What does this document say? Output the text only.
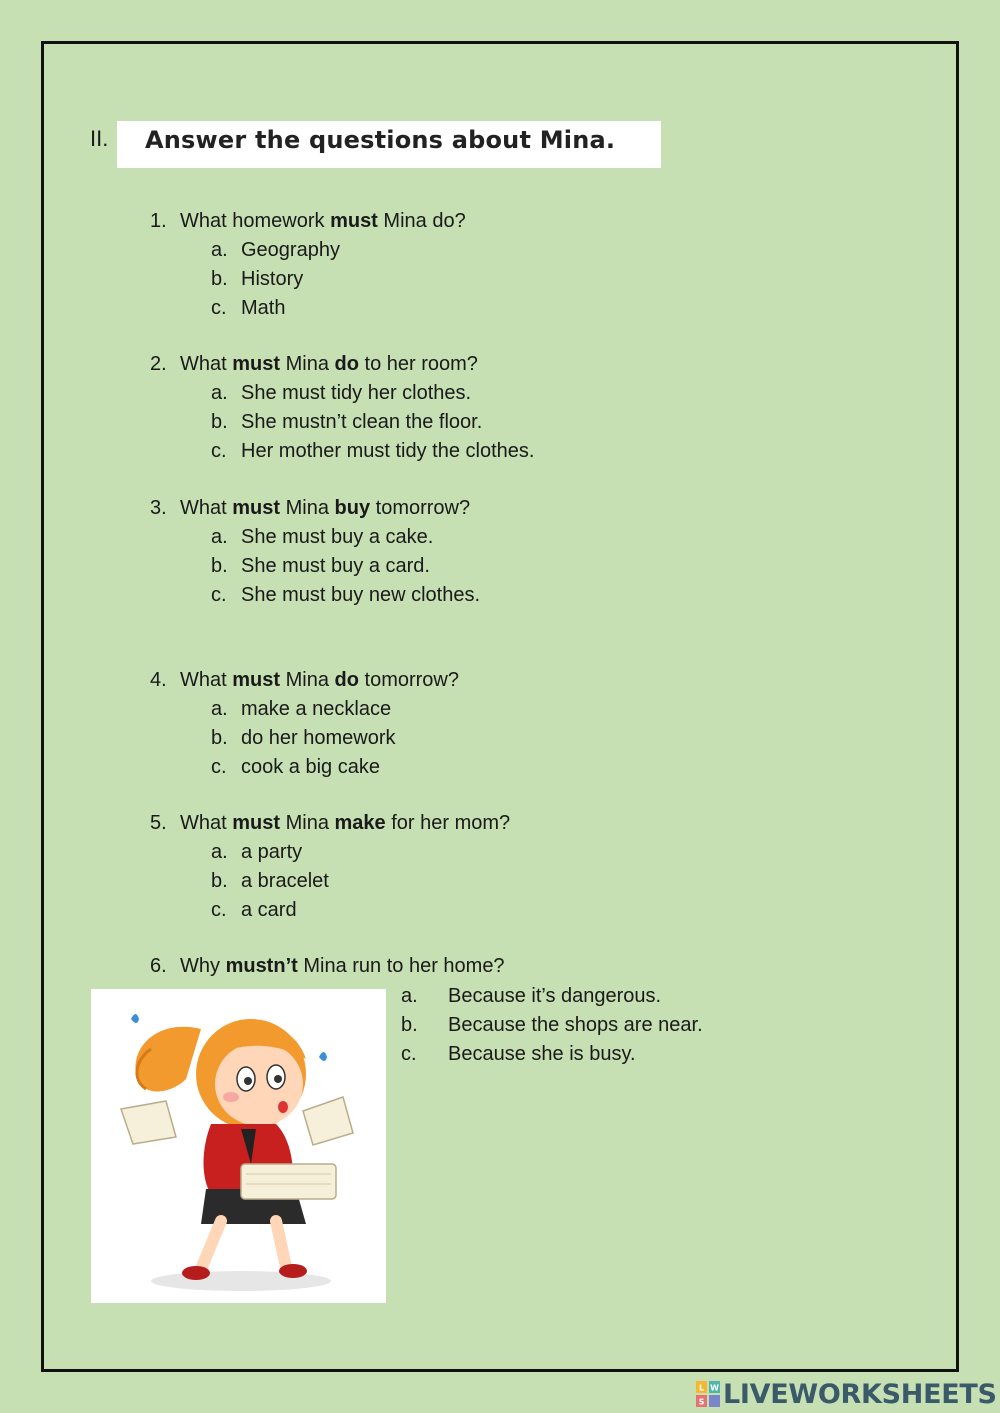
II. Answer the questions about Mina.
1. What homework must Mina do?
a. Geography
b. History
c. Math
2. What must Mina do to her room?
a. She must tidy her clothes.
b. She mustn’t clean the floor.
c. Her mother must tidy the clothes.
3. What must Mina buy tomorrow?
a. She must buy a cake.
b. She must buy a card.
c. She must buy new clothes.
4. What must Mina do tomorrow?
a. make a necklace
b. do her homework
c. cook a big cake
5. What must Mina make for her mom?
a. a party
b. a bracelet
c. a card
6. Why mustn’t Mina run to her home?
a. Because it’s dangerous.
b. Because the shops are near.
c. Because she is busy.
L W
S LIVEWORKSHEETS
